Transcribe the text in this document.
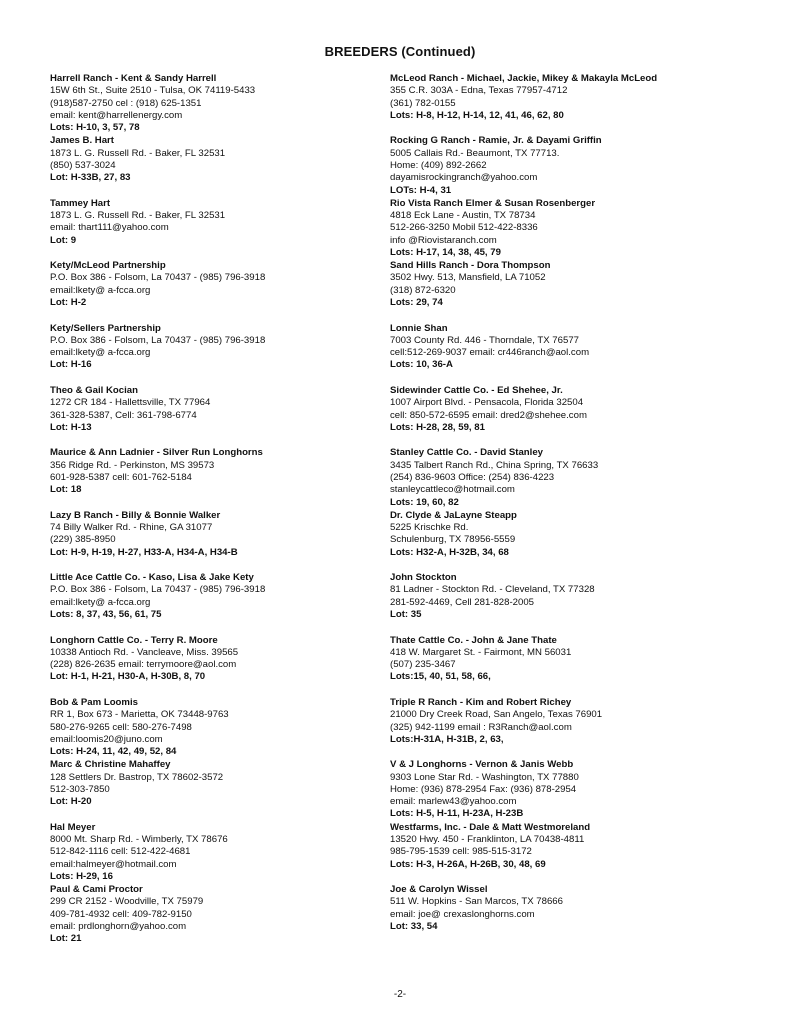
BREEDERS (Continued)
Harrell Ranch - Kent & Sandy Harrell
15W 6th St., Suite 2510 - Tulsa, OK 74119-5433
(918)587-2750 cel : (918) 625-1351
email: kent@harrellenergy.com
Lots: H-10, 3, 57, 78
James B. Hart
1873 L. G. Russell Rd. - Baker, FL 32531
(850) 537-3024
Lot: H-33B, 27, 83
Tammey Hart
1873 L. G. Russell Rd. - Baker, FL 32531
email: thart111@yahoo.com
Lot: 9
Kety/McLeod Partnership
P.O. Box 386 - Folsom, La 70437 - (985) 796-3918
email:lkety@ a-fcca.org
Lot: H-2
Kety/Sellers Partnership
P.O. Box 386 - Folsom, La 70437 - (985) 796-3918
email:lkety@ a-fcca.org
Lot: H-16
Theo & Gail Kocian
1272 CR 184 - Hallettsville, TX 77964
361-328-5387, Cell: 361-798-6774
Lot: H-13
Maurice & Ann Ladnier - Silver Run Longhorns
356 Ridge Rd. - Perkinston, MS 39573
601-928-5387 cell: 601-762-5184
Lot: 18
Lazy B Ranch - Billy & Bonnie Walker
74 Billy Walker Rd. - Rhine, GA 31077
(229) 385-8950
Lot: H-9, H-19, H-27, H33-A, H34-A, H34-B
Little Ace Cattle Co. - Kaso, Lisa & Jake Kety
P.O. Box 386 - Folsom, La 70437 - (985) 796-3918
email:lkety@ a-fcca.org
Lots: 8, 37, 43, 56, 61, 75
Longhorn Cattle Co. - Terry R. Moore
10338 Antioch Rd. - Vancleave, Miss. 39565
(228) 826-2635 email: terrymoore@aol.com
Lot: H-1, H-21, H30-A, H-30B, 8, 70
Bob & Pam Loomis
RR 1, Box 673 - Marietta, OK 73448-9763
580-276-9265 cell: 580-276-7498
email:loomis20@juno.com
Lots: H-24, 11, 42, 49, 52, 84
Marc & Christine Mahaffey
128 Settlers Dr. Bastrop, TX 78602-3572
512-303-7850
Lot: H-20
Hal Meyer
8000 Mt. Sharp Rd. - Wimberly, TX 78676
512-842-1116 cell: 512-422-4681
email:halmeyer@hotmail.com
Lots: H-29, 16
Paul & Cami Proctor
299 CR 2152 - Woodville, TX 75979
409-781-4932 cell: 409-782-9150
email: prdlonghorn@yahoo.com
Lot: 21
McLeod Ranch - Michael, Jackie, Mikey & Makayla McLeod
355 C.R. 303A - Edna, Texas 77957-4712
(361) 782-0155
Lots: H-8, H-12, H-14, 12, 41, 46, 62, 80
Rocking G Ranch - Ramie, Jr. & Dayami Griffin
5005 Callais Rd.- Beaumont, TX 77713.
Home: (409) 892-2662
dayamisrockingranch@yahoo.com
LOTs: H-4, 31
Rio Vista Ranch Elmer & Susan Rosenberger
4818 Eck Lane - Austin, TX 78734
512-266-3250 Mobil 512-422-8336
info @Riovistaranch.com
Lots: H-17, 14, 38, 45, 79
Sand Hills Ranch - Dora Thompson
3502 Hwy. 513, Mansfield, LA 71052
(318) 872-6320
Lots: 29, 74
Lonnie Shan
7003 County Rd. 446 - Thorndale, TX 76577
cell:512-269-9037 email: cr446ranch@aol.com
Lots: 10, 36-A
Sidewinder Cattle Co. - Ed Shehee, Jr.
1007 Airport Blvd. - Pensacola, Florida 32504
cell: 850-572-6595 email: dred2@shehee.com
Lots: H-28, 28, 59, 81
Stanley Cattle Co. - David Stanley
3435 Talbert Ranch Rd., China Spring, TX 76633
(254) 836-9603 Office: (254) 836-4223
stanleycattleco@hotmail.com
Lots: 19, 60, 82
Dr. Clyde & JaLayne Steapp
5225 Krischke Rd.
Schulenburg, TX 78956-5559
Lots: H32-A, H-32B, 34, 68
John Stockton
81 Ladner - Stockton Rd. - Cleveland, TX 77328
281-592-4469, Cell 281-828-2005
Lot: 35
Thate Cattle Co. - John & Jane Thate
418 W. Margaret St. - Fairmont, MN 56031
(507) 235-3467
Lots:15, 40, 51, 58, 66,
Triple R Ranch - Kim and Robert Richey
21000 Dry Creek Road, San Angelo, Texas 76901
(325) 942-1199 email : R3Ranch@aol.com
Lots:H-31A, H-31B, 2, 63,
V & J Longhorns - Vernon & Janis Webb
9303 Lone Star Rd. - Washington, TX 77880
Home: (936) 878-2954 Fax: (936) 878-2954
email: marlew43@yahoo.com
Lots: H-5, H-11, H-23A, H-23B
Westfarms, Inc. - Dale & Matt Westmoreland
13520 Hwy. 450 - Franklinton, LA 70438-4811
985-795-1539 cell: 985-515-3172
Lots: H-3, H-26A, H-26B, 30, 48, 69
Joe & Carolyn Wissel
511 W. Hopkins - San Marcos, TX 78666
email: joe@ crexaslonghorns.com
Lot: 33, 54
-2-
